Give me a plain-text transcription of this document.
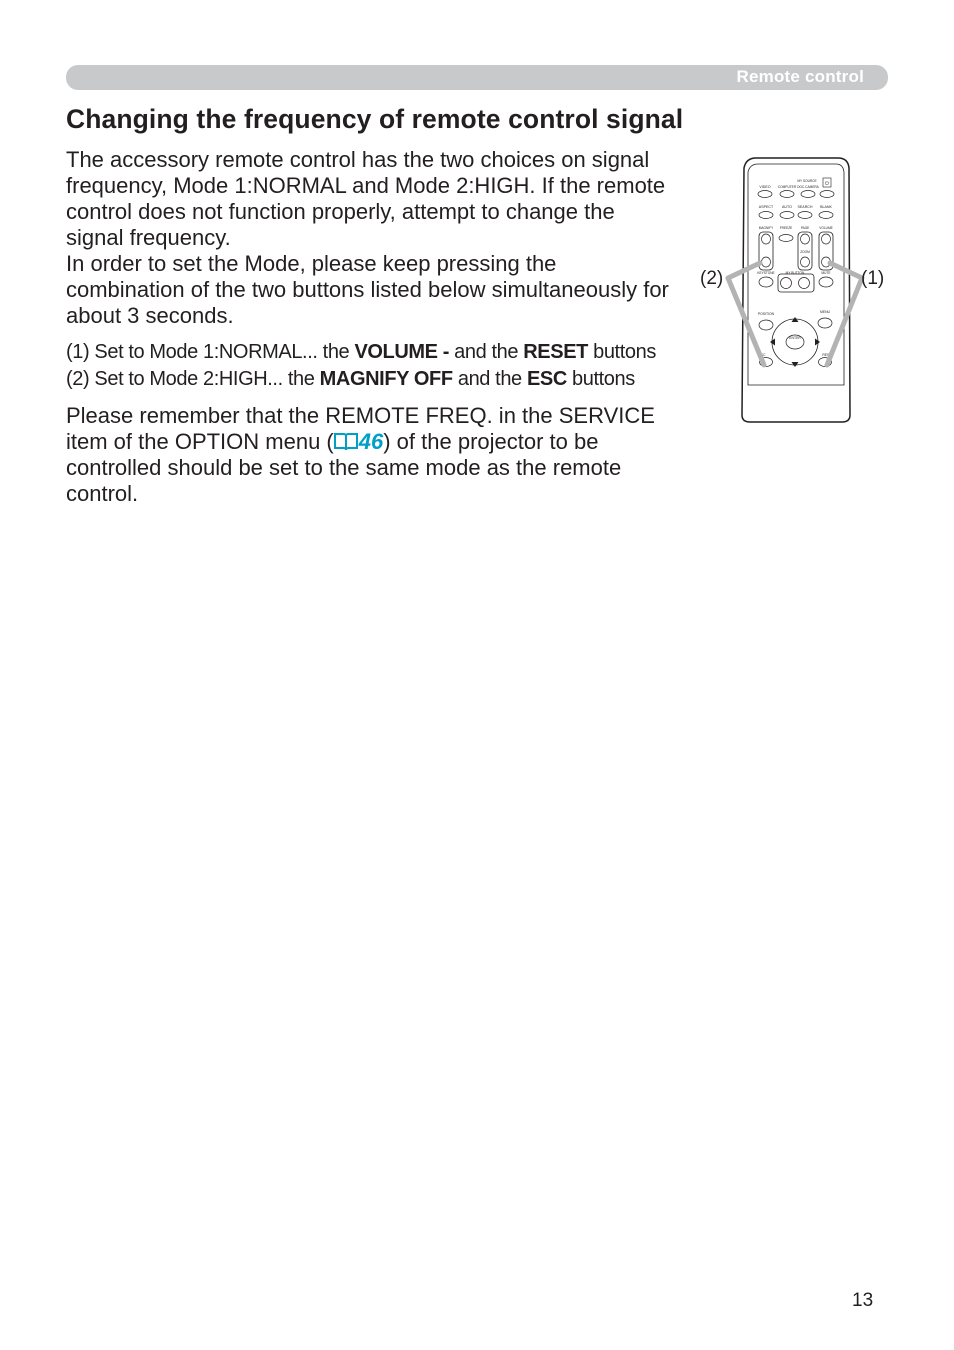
Remote control
Changing the frequency of remote control signal

The accessory remote control has the two choices on signal
frequency, Mode 1:NORMAL and Mode 2:HIGH. If the remote
control does not function properly, attempt to change the
signal frequency.

In order to set the Mode, please keep pressing the
combination of the two buttons listed below simultaneously for
about 3 seconds.

(1) Set to Mode 1:NORMAL... the VOLUME - and the RESET buttons

(2) Set to Mode 2:HIGH... the MAGNIFY OFF and the ESC buttons

Please remember that the REMOTE FREQ. in the SERVICE
item of the OPTION menu ( 46) of the projector to be
controlled should be set to the same mode as the remote
control.

⏻
MY SOURCE
VIDEO COMPUTER DOC.CAMERA
ASPECT AUTO SEARCH BLANK
MAGNIFY FREEZE	PAGE	VOLUME
ZOOM
KEYSTONE	MY BUTTON	MUTE
POSITION	MENU
ENTER
ESC	RESET
(2)	(1)
13
